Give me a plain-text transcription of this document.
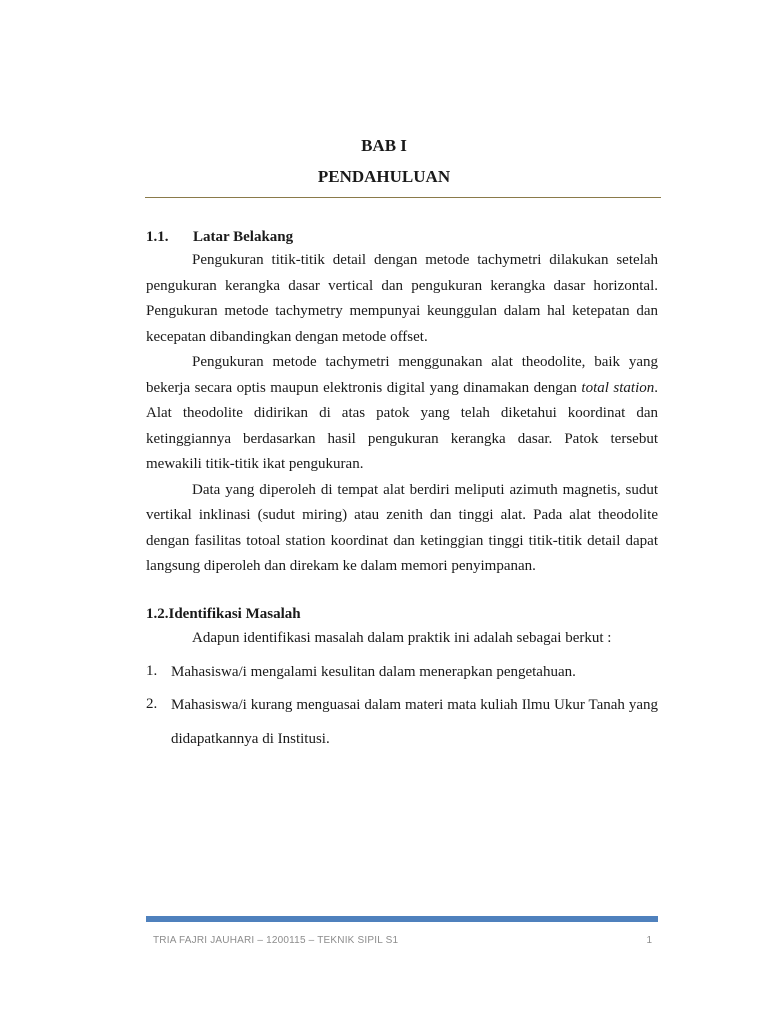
BAB I
PENDAHULUAN
1.1. Latar Belakang

Pengukuran titik-titik detail dengan metode tachymetri dilakukan setelah pengukuran kerangka dasar vertical dan pengukuran kerangka dasar horizontal. Pengukuran metode tachymetry mempunyai keunggulan dalam hal ketepatan dan kecepatan dibandingkan dengan metode offset.

Pengukuran metode tachymetri menggunakan alat theodolite, baik yang bekerja secara optis maupun elektronis digital yang dinamakan dengan total station. Alat theodolite didirikan di atas patok yang telah diketahui koordinat dan ketinggiannya berdasarkan hasil pengukuran kerangka dasar. Patok tersebut mewakili titik-titik ikat pengukuran.

Data yang diperoleh di tempat alat berdiri meliputi azimuth magnetis, sudut vertikal inklinasi (sudut miring) atau zenith dan tinggi alat. Pada alat theodolite dengan fasilitas totoal station koordinat dan ketinggian tinggi titik-titik detail dapat langsung diperoleh dan direkam ke dalam memori penyimpanan.

1.2.Identifikasi Masalah

Adapun identifikasi masalah dalam praktik ini adalah sebagai berkut :

1. Mahasiswa/i mengalami kesulitan dalam menerapkan pengetahuan.
2. Mahasiswa/i kurang menguasai dalam materi mata kuliah Ilmu Ukur Tanah yang didapatkannya di Institusi.
TRIA FAJRI JAUHARI – 1200115 – TEKNIK SIPIL S1	1
